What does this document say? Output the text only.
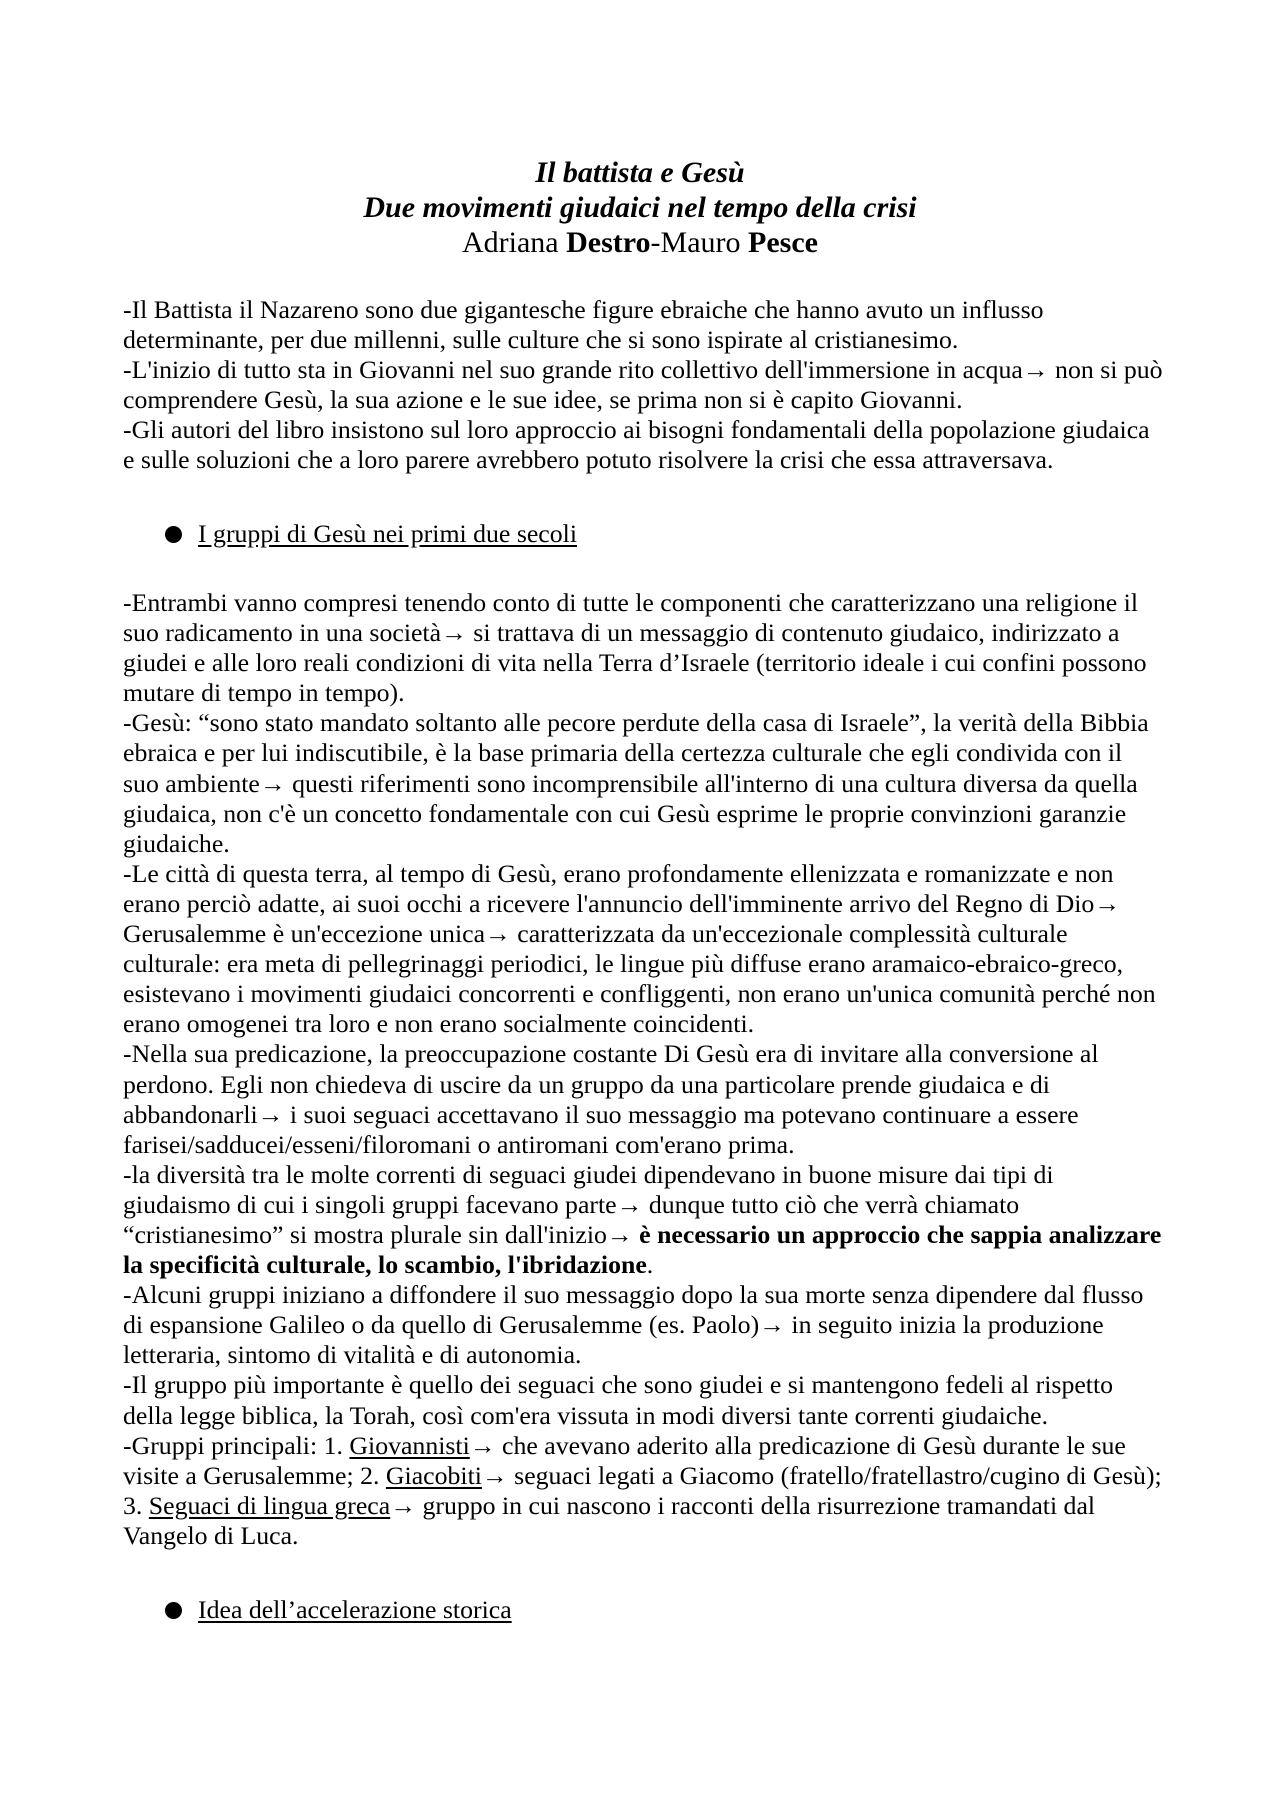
Il battista e Gesù
Due movimenti giudaici nel tempo della crisi
Adriana Destro-Mauro Pesce
-Il Battista il Nazareno sono due gigantesche figure ebraiche che hanno avuto un influsso
determinante, per due millenni, sulle culture che si sono ispirate al cristianesimo.
-L'inizio di tutto sta in Giovanni nel suo grande rito collettivo dell'immersione in acqua→ non si può
comprendere Gesù, la sua azione e le sue idee, se prima non si è capito Giovanni.
-Gli autori del libro insistono sul loro approccio ai bisogni fondamentali della popolazione giudaica
e sulle soluzioni che a loro parere avrebbero potuto risolvere la crisi che essa attraversava.
I gruppi di Gesù nei primi due secoli
-Entrambi vanno compresi tenendo conto di tutte le componenti che caratterizzano una religione il
suo radicamento in una società→ si trattava di un messaggio di contenuto giudaico, indirizzato a
giudei e alle loro reali condizioni di vita nella Terra d’Israele (territorio ideale i cui confini possono
mutare di tempo in tempo).
-Gesù: “sono stato mandato soltanto alle pecore perdute della casa di Israele”, la verità della Bibbia
ebraica e per lui indiscutibile, è la base primaria della certezza culturale che egli condivida con il
suo ambiente→ questi riferimenti sono incomprensibile all'interno di una cultura diversa da quella
giudaica, non c'è un concetto fondamentale con cui Gesù esprime le proprie convinzioni garanzie
giudaiche.
-Le città di questa terra, al tempo di Gesù, erano profondamente ellenizzata e romanizzate e non
erano perciò adatte, ai suoi occhi a ricevere l'annuncio dell'imminente arrivo del Regno di Dio→
Gerusalemme è un'eccezione unica→ caratterizzata da un'eccezionale complessità culturale
culturale: era meta di pellegrinaggi periodici, le lingue più diffuse erano aramaico-ebraico-greco,
esistevano i movimenti giudaici concorrenti e confliggenti, non erano un'unica comunità perché non
erano omogenei tra loro e non erano socialmente coincidenti.
-Nella sua predicazione, la preoccupazione costante Di Gesù era di invitare alla conversione al
perdono. Egli non chiedeva di uscire da un gruppo da una particolare prende giudaica e di
abbandonarli→ i suoi seguaci accettavano il suo messaggio ma potevano continuare a essere
farisei/sadducei/esseni/filoromani o antiromani com'erano prima.
-la diversità tra le molte correnti di seguaci giudei dipendevano in buone misure dai tipi di
giudaismo di cui i singoli gruppi facevano parte→ dunque tutto ciò che verrà chiamato
“cristianesimo” si mostra plurale sin dall'inizio→ è necessario un approccio che sappia analizzare
la specificità culturale, lo scambio, l'ibridazione.
-Alcuni gruppi iniziano a diffondere il suo messaggio dopo la sua morte senza dipendere dal flusso
di espansione Galileo o da quello di Gerusalemme (es. Paolo)→ in seguito inizia la produzione
letteraria, sintomo di vitalità e di autonomia.
-Il gruppo più importante è quello dei seguaci che sono giudei e si mantengono fedeli al rispetto
della legge biblica, la Torah, così com'era vissuta in modi diversi tante correnti giudaiche.
-Gruppi principali: 1. Giovannisti→ che avevano aderito alla predicazione di Gesù durante le sue
visite a Gerusalemme; 2. Giacobiti→ seguaci legati a Giacomo (fratello/fratellastro/cugino di Gesù);
3. Seguaci di lingua greca→ gruppo in cui nascono i racconti della risurrezione tramandati dal
Vangelo di Luca.
Idea dell’accelerazione storica
